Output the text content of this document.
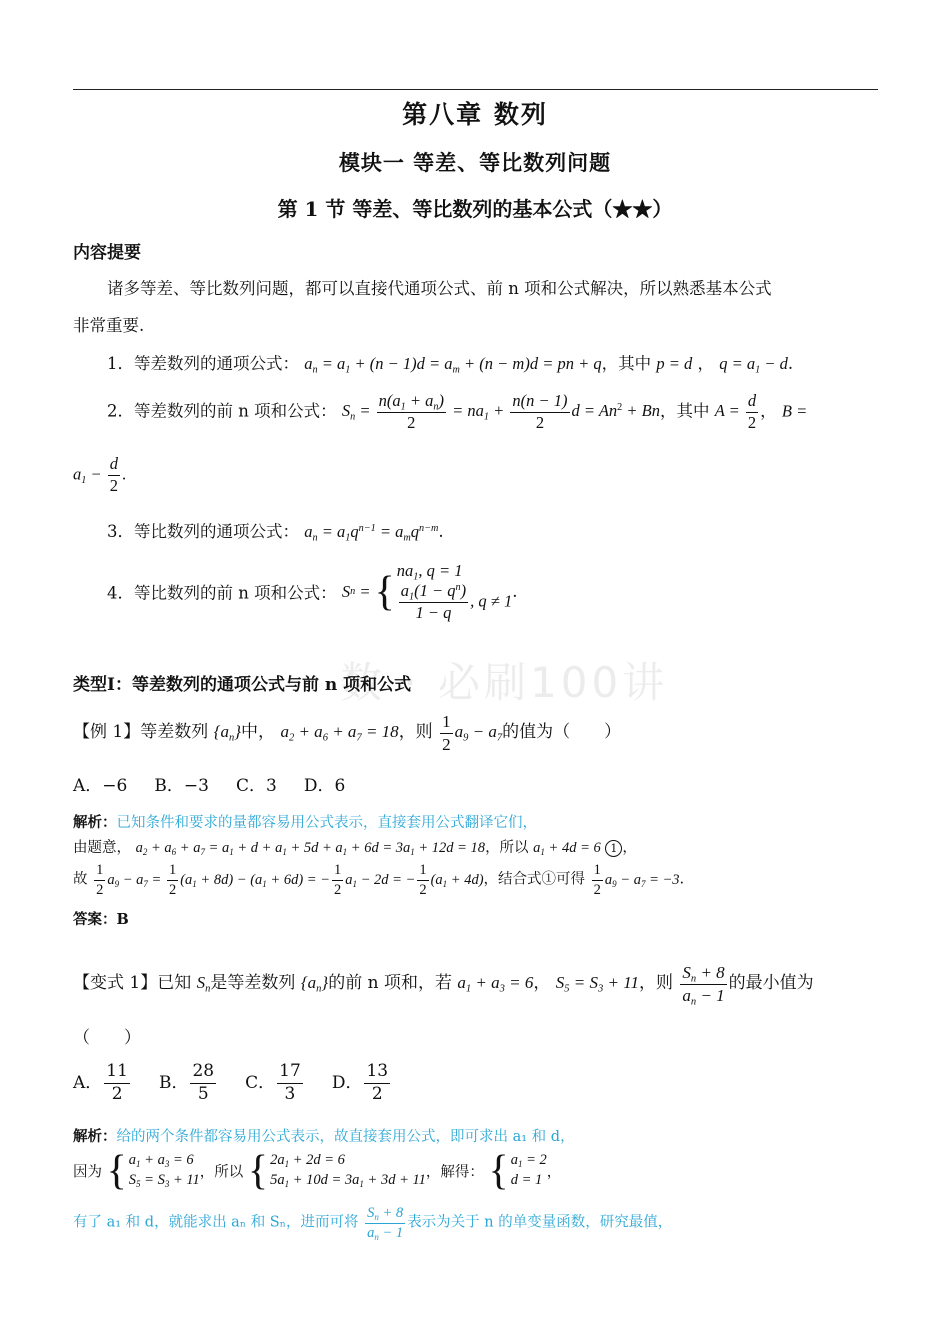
第八章 数列
模块一 等差、等比数列问题
第 1 节 等差、等比数列的基本公式（★★）
内容提要
诸多等差、等比数列问题，都可以直接代通项公式、前 n 项和公式解决，所以熟悉基本公式
非常重要.
1．等差数列的通项公式： $a_n = a_1 + (n - 1)d = a_m + (n - m)d$ = pn + q，其中 p = d ， $q = a_1 - d$.
2．等差数列的前 n 项和公式： $S_n = \frac{n(a_1 + a_n)}{2} = na_1 + \frac{n(n - 1)}{2}$ $d = An^2 + Bn$，其中 $A = \frac{d}{2}$ ， B =
$a_1 - \frac{d}{2}$ .
3．等比数列的通项公式： $a_n = a_1q^{n-1} = a_mq^{n-m}$.
4．等比数列的前 n 项和公式： S n = { $na_1$, q = 1
$\frac{a_1(1 - q^n)}{1 - q}$ , q ≠ 1 .
数 · 必刷100讲
类型Ⅰ：等差数列的通项公式与前 n 项和公式
【例 1】等差数列 $\{a_n\}$中， $a_2 + a_6 + a_7 = 18$，则 $\frac{1}{2} a_9 - a_7$的值为（　　）
A．−6 B．−3 C．3 D．6
解析：已知条件和要求的量都容易用公式表示，直接套用公式翻译它们，
由题意， $a_2 + a_6 + a_7 = a_1 + d + a_1 + 5d + a_1 + 6d = 3a_1 + 12d = 18$，所以 $a_1 + 4d = 6$ 1 ，
故 $\frac{1}{2} a_9 - a_7 = \frac{1}{2} (a_1 + 8d) - (a_1 + 6d)$ = − $\frac{1}{2} a_1 - 2d$ = − $\frac{1}{2} (a_1 + 4d)$，结合式①可得 $\frac{1}{2} a_9 - a_7 = -3$.
答案：B
【变式 1】已知 $S_n$是等差数列 $\{a_n\}$的前 n 项和，若 $a_1 + a_3 = 6$， $S_5 = S_3 + 11$，则 $\frac{S_n + 8}{a_n - 1}$ 的最小值为
（　　）
A． $\frac{11}{2}$ B． $\frac{28}{5}$ C． $\frac{17}{3}$ D． $\frac{13}{2}$
解析：给的两个条件都容易用公式表示，故直接套用公式，即可求出 a₁ 和 d，
因为 { $a_1 + a_3 = 6$
$S_5 = S_3 + 11$ ，所以 { $2a_1 + 2d = 6$
$5a_1 + 10d = 3a_1 + 3d + 11$ ，解得： { $a_1 = 2$
d = 1 ，
有了 a₁ 和 d，就能求出 aₙ 和 Sₙ，进而可将 $\frac{S_n + 8}{a_n - 1}$ 表示为关于 n 的单变量函数，研究最值，
